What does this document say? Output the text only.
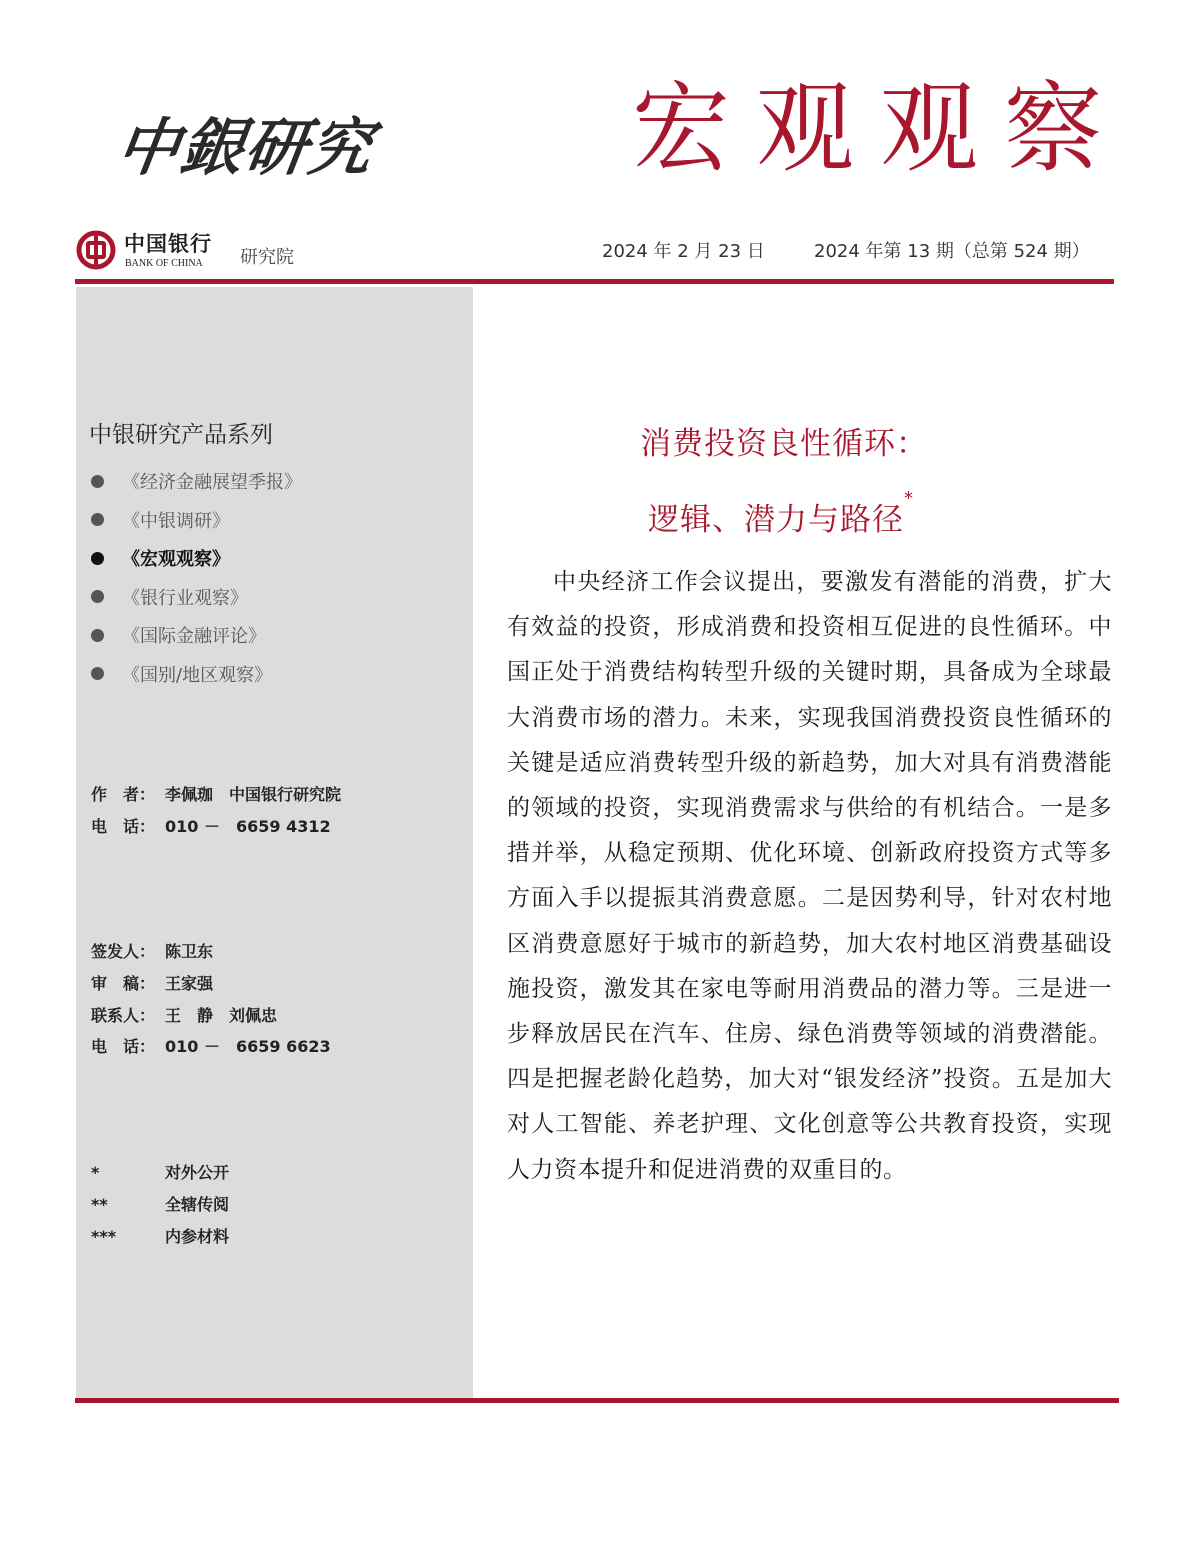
中銀研究	宏观观察
中国银行
BANK OF CHINA 研究院	2024 年 2 月 23 日	2024 年第 13 期（总第 524 期）
中银研究产品系列
《经济金融展望季报》
《中银调研》
《宏观观察》
《银行业观察》
《国际金融评论》
《国别/地区观察》
作　者： 李佩珈　中国银行研究院
电　话： 010 －　6659 4312
签发人： 陈卫东
审　稿： 王家强
联系人： 王　静　刘佩忠
电　话： 010 －　6659 6623
*	对外公开
**	全辖传阅
***	内参材料
消费投资良性循环：
逻辑、潜力与路径*

中央经济工作会议提出，要激发有潜能的消费，扩大有效益的投资，形成消费和投资相互促进的良性循环。中国正处于消费结构转型升级的关键时期，具备成为全球最大消费市场的潜力。未来，实现我国消费投资良性循环的关键是适应消费转型升级的新趋势，加大对具有消费潜能的领域的投资，实现消费需求与供给的有机结合。一是多措并举，从稳定预期、优化环境、创新政府投资方式等多方面入手以提振其消费意愿。二是因势利导，针对农村地区消费意愿好于城市的新趋势，加大农村地区消费基础设施投资，激发其在家电等耐用消费品的潜力等。三是进一步释放居民在汽车、住房、绿色消费等领域的消费潜能。四是把握老龄化趋势，加大对“银发经济”投资。五是加大对人工智能、养老护理、文化创意等公共教育投资，实现人力资本提升和促进消费的双重目的。
